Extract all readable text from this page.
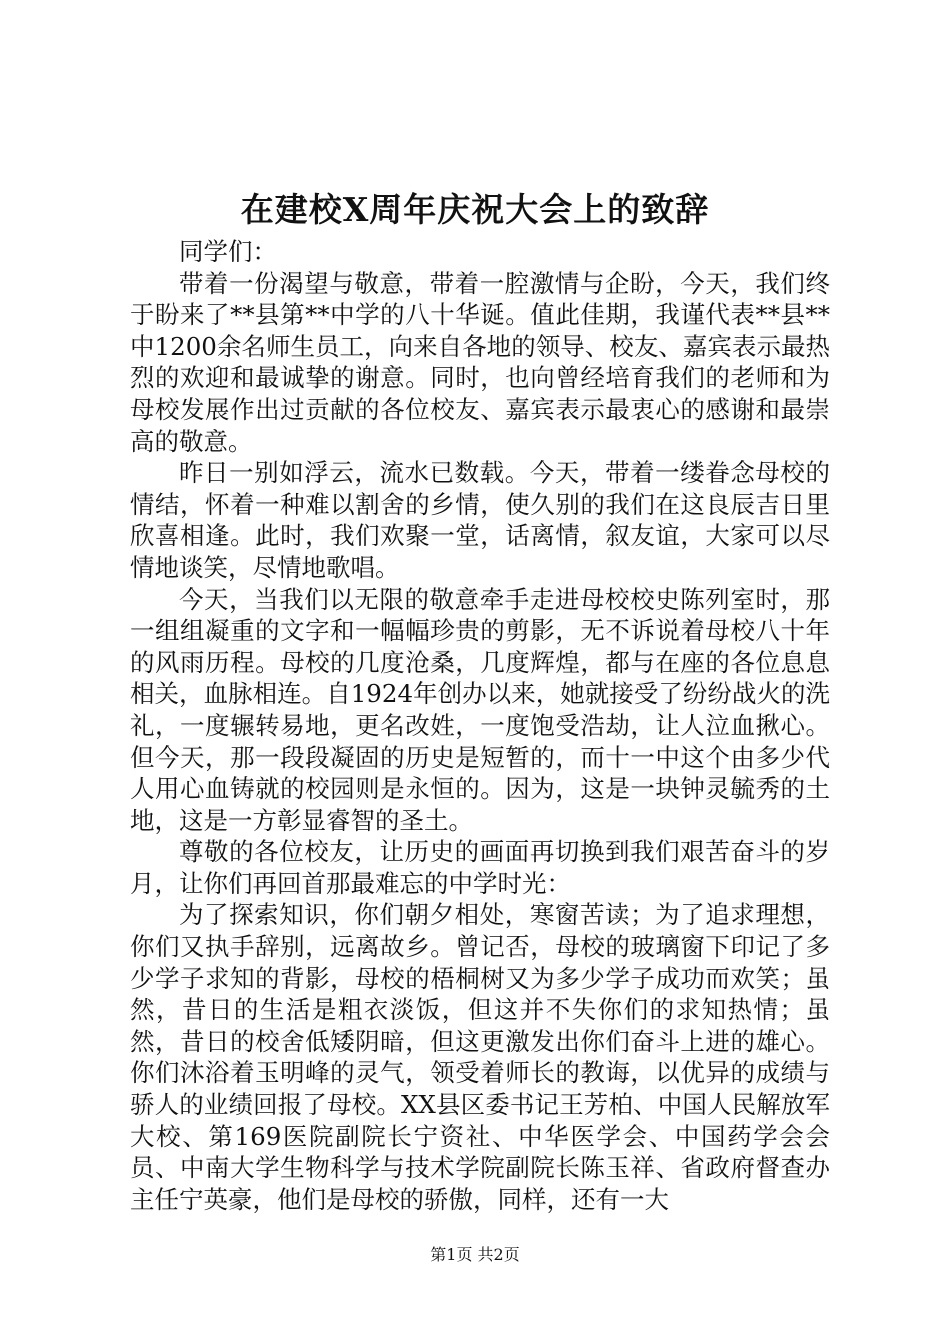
在建校X周年庆祝大会上的致辞

同学们：

带着一份渴望与敬意，带着一腔激情与企盼，今天，我们终于盼来了**县第**中学的八十华诞。值此佳期，我谨代表**县**中1200余名师生员工，向来自各地的领导、校友、嘉宾表示最热烈的欢迎和最诚挚的谢意。同时，也向曾经培育我们的老师和为母校发展作出过贡献的各位校友、嘉宾表示最衷心的感谢和最崇高的敬意。

昨日一别如浮云，流水已数载。今天，带着一缕眷念母校的情结，怀着一种难以割舍的乡情，使久别的我们在这良辰吉日里欣喜相逢。此时，我们欢聚一堂，话离情，叙友谊，大家可以尽情地谈笑，尽情地歌唱。

今天，当我们以无限的敬意牵手走进母校校史陈列室时，那一组组凝重的文字和一幅幅珍贵的剪影，无不诉说着母校八十年的风雨历程。母校的几度沧桑，几度辉煌，都与在座的各位息息相关，血脉相连。自1924年创办以来，她就接受了纷纷战火的洗礼，一度辗转易地，更名改姓，一度饱受浩劫，让人泣血揪心。但今天，那一段段凝固的历史是短暂的，而十一中这个由多少代人用心血铸就的校园则是永恒的。因为，这是一块钟灵毓秀的土地，这是一方彰显睿智的圣土。

尊敬的各位校友，让历史的画面再切换到我们艰苦奋斗的岁月，让你们再回首那最难忘的中学时光：

为了探索知识，你们朝夕相处，寒窗苦读；为了追求理想，你们又执手辞别，远离故乡。曾记否，母校的玻璃窗下印记了多少学子求知的背影，母校的梧桐树又为多少学子成功而欢笑；虽然，昔日的生活是粗衣淡饭，但这并不失你们的求知热情；虽然，昔日的校舍低矮阴暗，但这更激发出你们奋斗上进的雄心。你们沐浴着玉明峰的灵气，领受着师长的教诲，以优异的成绩与骄人的业绩回报了母校。XX县区委书记王芳柏、中国人民解放军大校、第169医院副院长宁资社、中华医学会、中国药学会会员、中南大学生物科学与技术学院副院长陈玉祥、省政府督查办主任宁英豪，他们是母校的骄傲，同样，还有一大

第1页 共2页
